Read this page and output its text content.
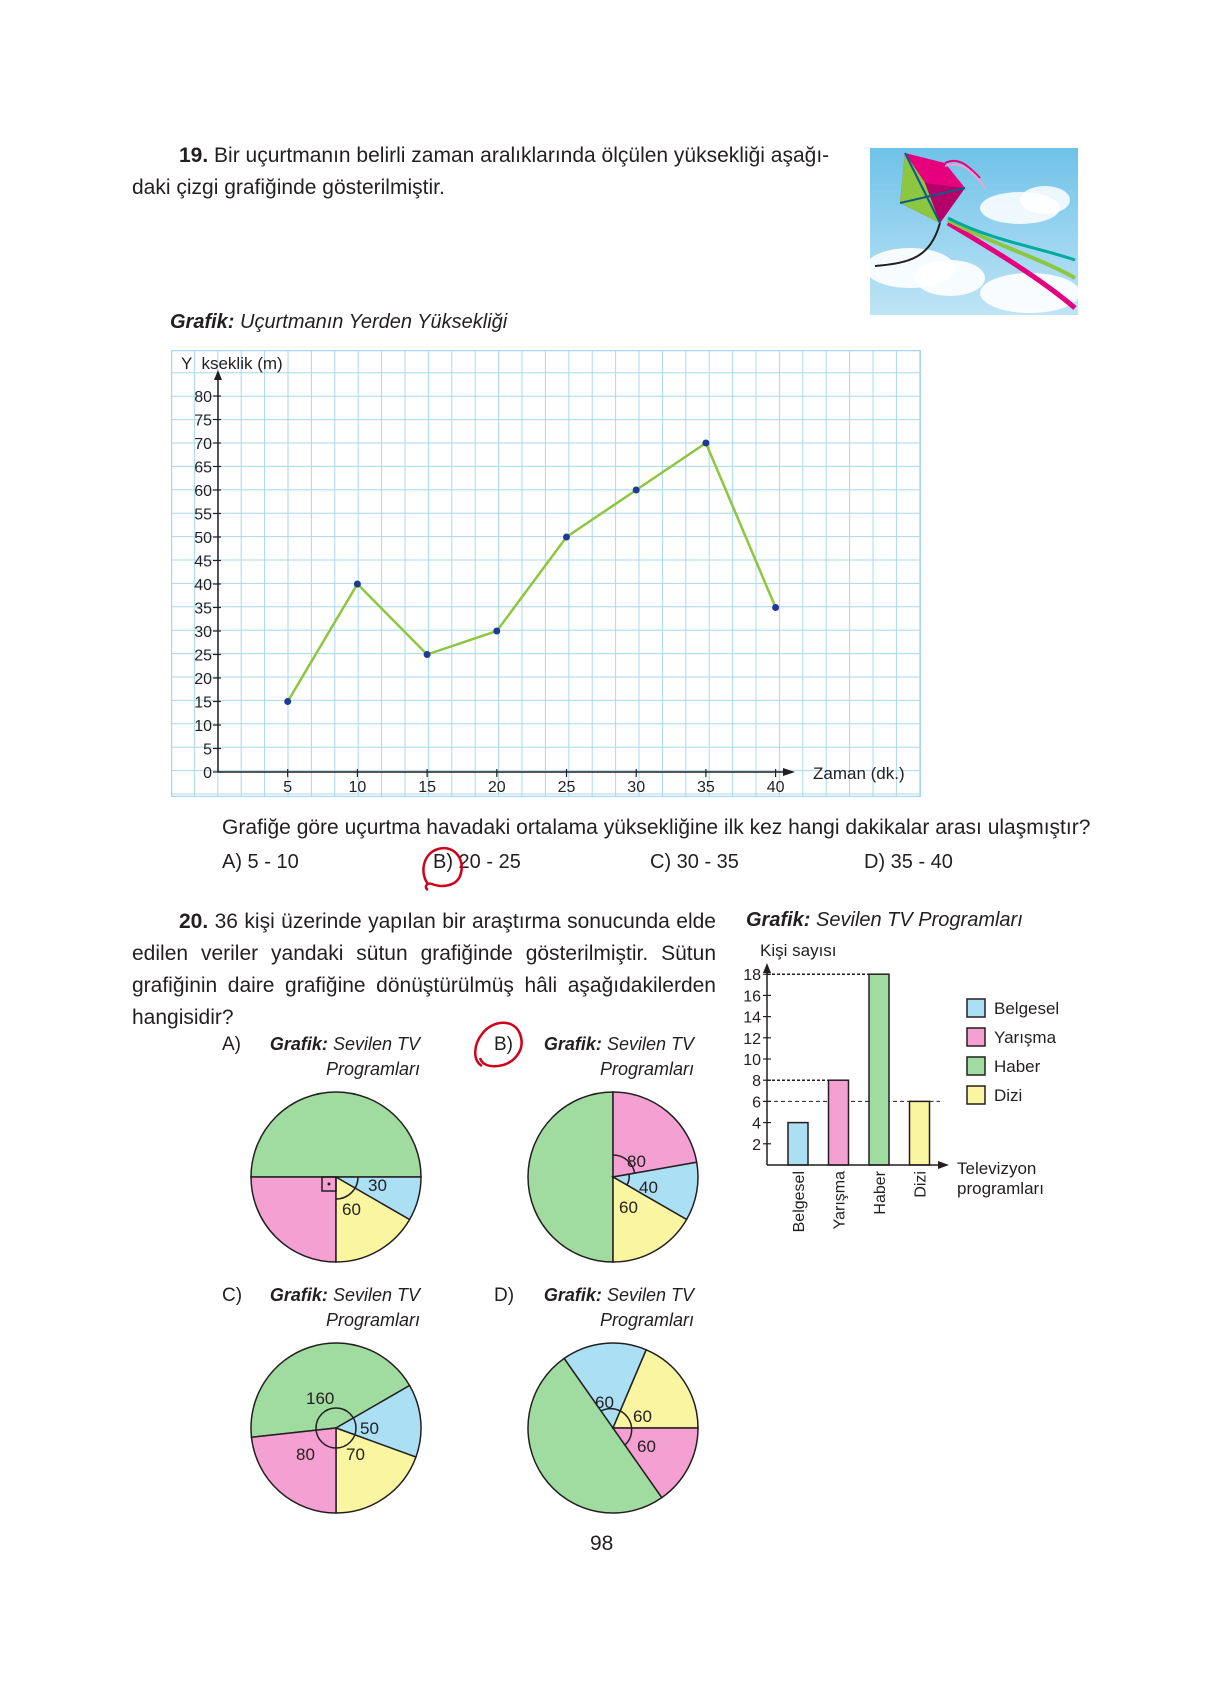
19. Bir uçurtmanın belirli zaman aralıklarında ölçülen yüksekliği aşağı-
daki çizgi grafiğinde gösterilmiştir.
Grafik: Uçurtmanın Yerden Yüksekliği
0
5
10
15
20
25
30
35
40
45
50
55
60
65
70
75
80
5	10	15	20	25	30	35	40
Y  kseklik (m)
Zaman (dk.)
Grafiğe göre uçurtma havadaki ortalama yüksekliğine ilk kez hangi dakikalar arası ulaşmıştır?
A) 5 - 10	B) 20 - 25	C) 30 - 35	D) 35 - 40
20. 36 kişi üzerinde yapılan bir araştırma sonucunda elde
edilen veriler yandaki sütun grafiğinde gösterilmiştir. Sütun
grafiğinin daire grafiğine dönüştürülmüş hâli aşağıdakilerden
hangisidir?
Grafik: Sevilen TV Programları
Kişi sayısı
2
4
6
8
10
12
14
16
18
Belgesel Yarışma Haber Dizi
Televizyon programları
Belgesel
Yarışma
Haber
Dizi
A)	Grafik: Sevilen TV
Programları
B)	Grafik: Sevilen TV
Programları
C)	Grafik: Sevilen TV
Programları
D)	Grafik: Sevilen TV
Programları
30
60
80
40
60
160
50
80 70
60
60
60
98
